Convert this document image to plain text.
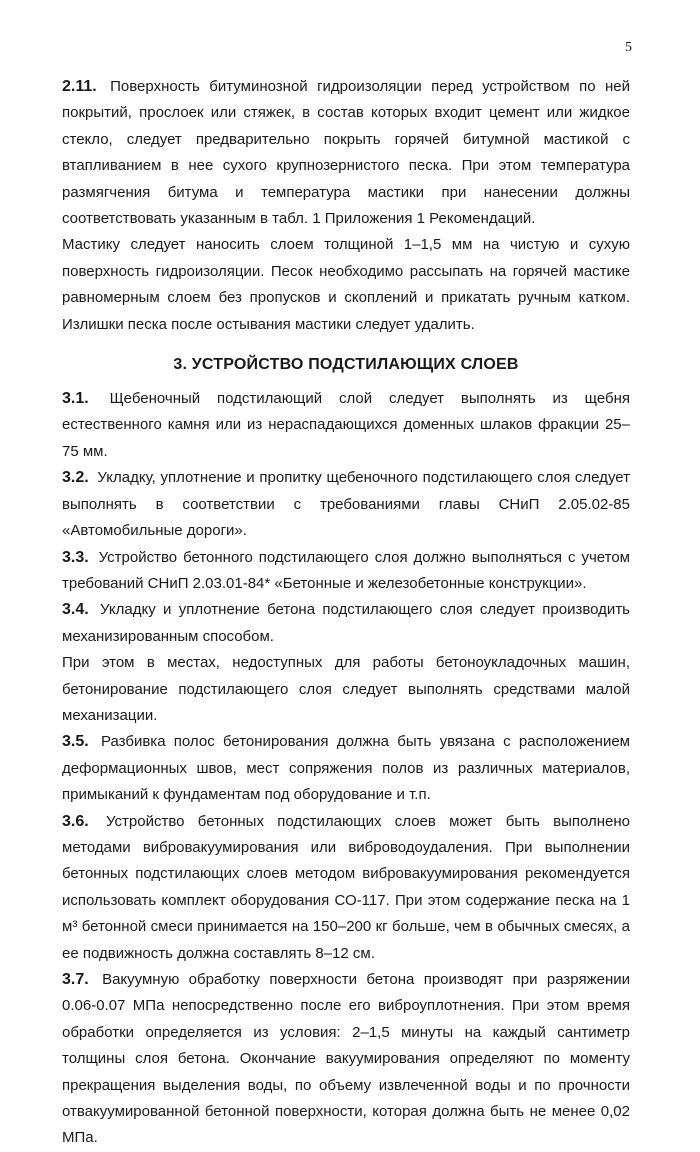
5

2.11. Поверхность битуминозной гидроизоляции перед устройством по ней покрытий, прослоек или стяжек, в состав которых входит цемент или жидкое стекло, следует предварительно покрыть горячей битумной мастикой с втапливанием в нее сухого крупнозернистого песка. При этом температура размягчения битума и температура мастики при нанесении должны соответствовать указанным в табл. 1 Приложения 1 Рекомендаций.

Мастику следует наносить слоем толщиной 1–1,5 мм на чистую и сухую поверхность гидроизоляции. Песок необходимо рассыпать на горячей мастике равномерным слоем без пропусков и скоплений и прикатать ручным катком. Излишки песка после остывания мастики следует удалить.

3. УСТРОЙСТВО ПОДСТИЛАЮЩИХ СЛОЕВ

3.1. Щебеночный подстилающий слой следует выполнять из щебня естественного камня или из нераспадающихся доменных шлаков фракции 25–75 мм.

3.2. Укладку, уплотнение и пропитку щебеночного подстилающего слоя следует выполнять в соответствии с требованиями главы СНиП 2.05.02-85 «Автомобильные дороги».

3.3. Устройство бетонного подстилающего слоя должно выполняться с учетом требований СНиП 2.03.01-84* «Бетонные и железобетонные конструкции».

3.4. Укладку и уплотнение бетона подстилающего слоя следует производить механизированным способом.

При этом в местах, недоступных для работы бетоноукладочных машин, бетонирование подстилающего слоя следует выполнять средствами малой механизации.

3.5. Разбивка полос бетонирования должна быть увязана с расположением деформационных швов, мест сопряжения полов из различных материалов, примыканий к фундаментам под оборудование и т.п.

3.6. Устройство бетонных подстилающих слоев может быть выполнено методами вибровакуумирования или виброводоудаления. При выполнении бетонных подстилающих слоев методом вибровакуумирования рекомендуется использовать комплект оборудования СО-117. При этом содержание песка на 1 м³ бетонной смеси принимается на 150–200 кг больше, чем в обычных смесях, а ее подвижность должна составлять 8–12 см.

3.7. Вакуумную обработку поверхности бетона производят при разряжении 0.06-0.07 МПа непосредственно после его виброуплотнения. При этом время обработки определяется из условия: 2–1,5 минуты на каждый сантиметр толщины слоя бетона. Окончание вакуумирования определяют по моменту прекращения выделения воды, по объему извлеченной воды и по прочности отвакуумированной бетонной поверхности, которая должна быть не менее 0,02 МПа.
